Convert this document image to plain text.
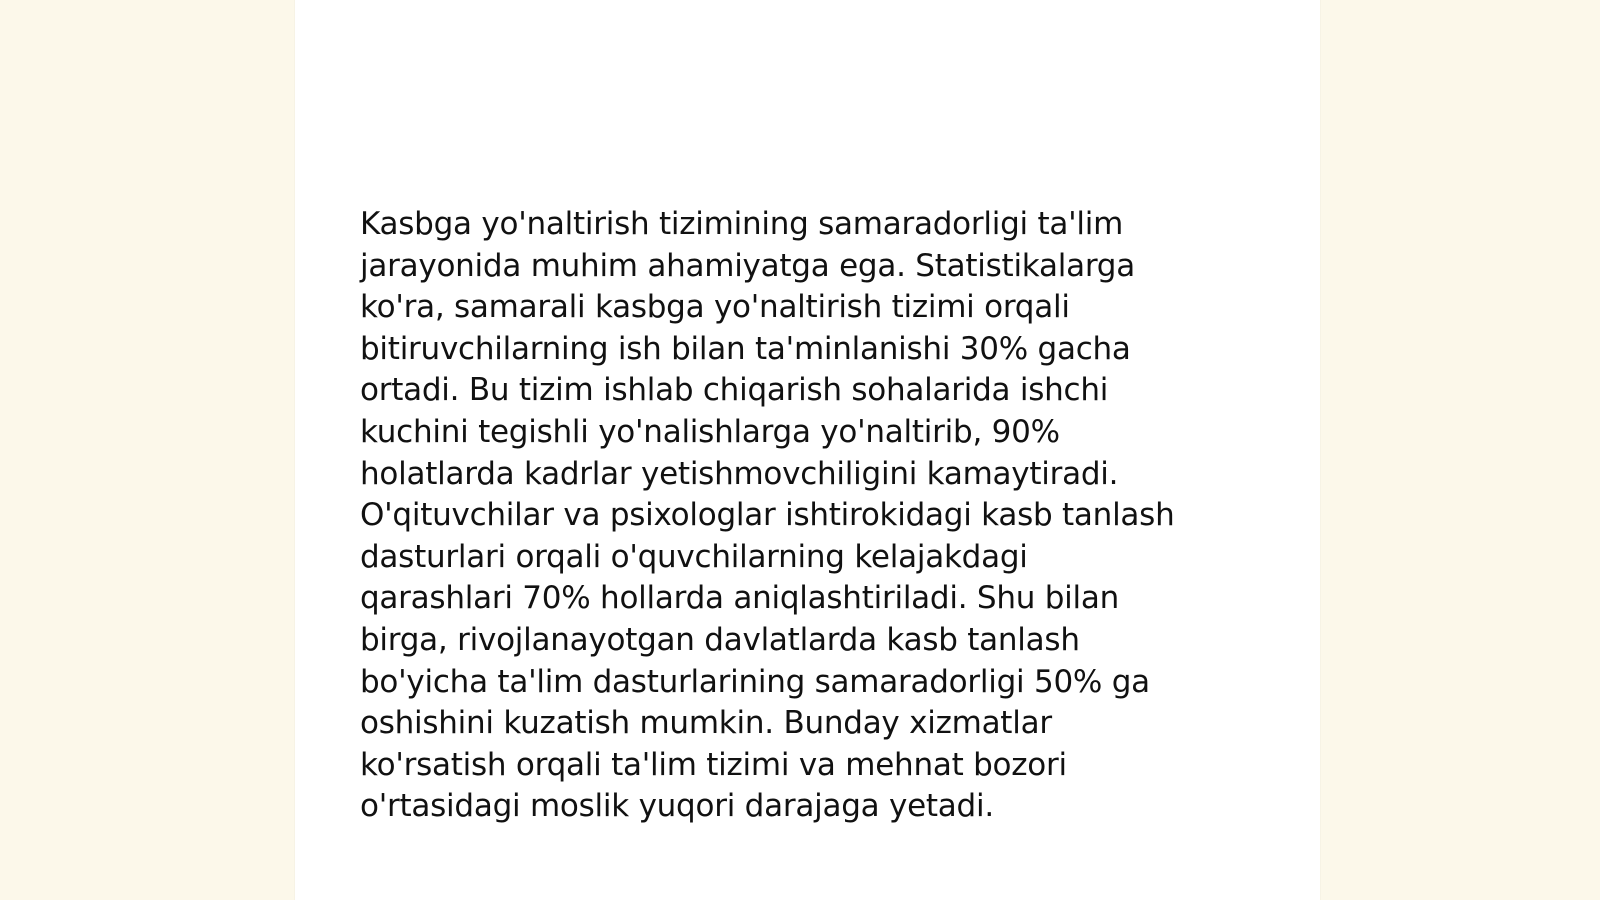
Kasbga yo'naltirish tizimining samaradorligi ta'lim
jarayonida muhim ahamiyatga ega. Statistikalarga
ko'ra, samarali kasbga yo'naltirish tizimi orqali
bitiruvchilarning ish bilan ta'minlanishi 30% gacha
ortadi. Bu tizim ishlab chiqarish sohalarida ishchi
kuchini tegishli yo'nalishlarga yo'naltirib, 90%
holatlarda kadrlar yetishmovchiligini kamaytiradi.
O'qituvchilar va psixologlar ishtirokidagi kasb tanlash
dasturlari orqali o'quvchilarning kelajakdagi
qarashlari 70% hollarda aniqlashtiriladi. Shu bilan
birga, rivojlanayotgan davlatlarda kasb tanlash
bo'yicha ta'lim dasturlarining samaradorligi 50% ga
oshishini kuzatish mumkin. Bunday xizmatlar
ko'rsatish orqali ta'lim tizimi va mehnat bozori
o'rtasidagi moslik yuqori darajaga yetadi.
